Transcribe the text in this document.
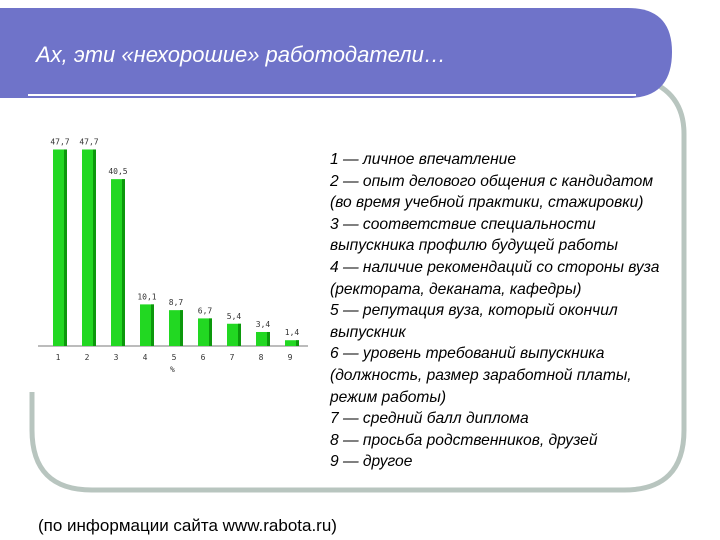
Ах, эти «нехорошие» работодатели…
47,7
1
47,7
2
40,5
3
10,1
4
8,7
5
6,7
6
5,4
7
3,4
8
1,4
9
%
1 — личное впечатление
2 — опыт делового общения с кандидатом (во время учебной практики, стажировки)
3 — соответствие специальности выпускника профилю будущей работы
4 — наличие рекомендаций со стороны вуза (ректората, деканата, кафедры)
5 — репутация вуза, который окончил выпускник
6 — уровень требований выпускника (должность, размер заработной платы, режим работы)
7 — средний балл диплома
8 — просьба родственников, друзей
9 — другое
(по информации сайта www.rabota.ru)
